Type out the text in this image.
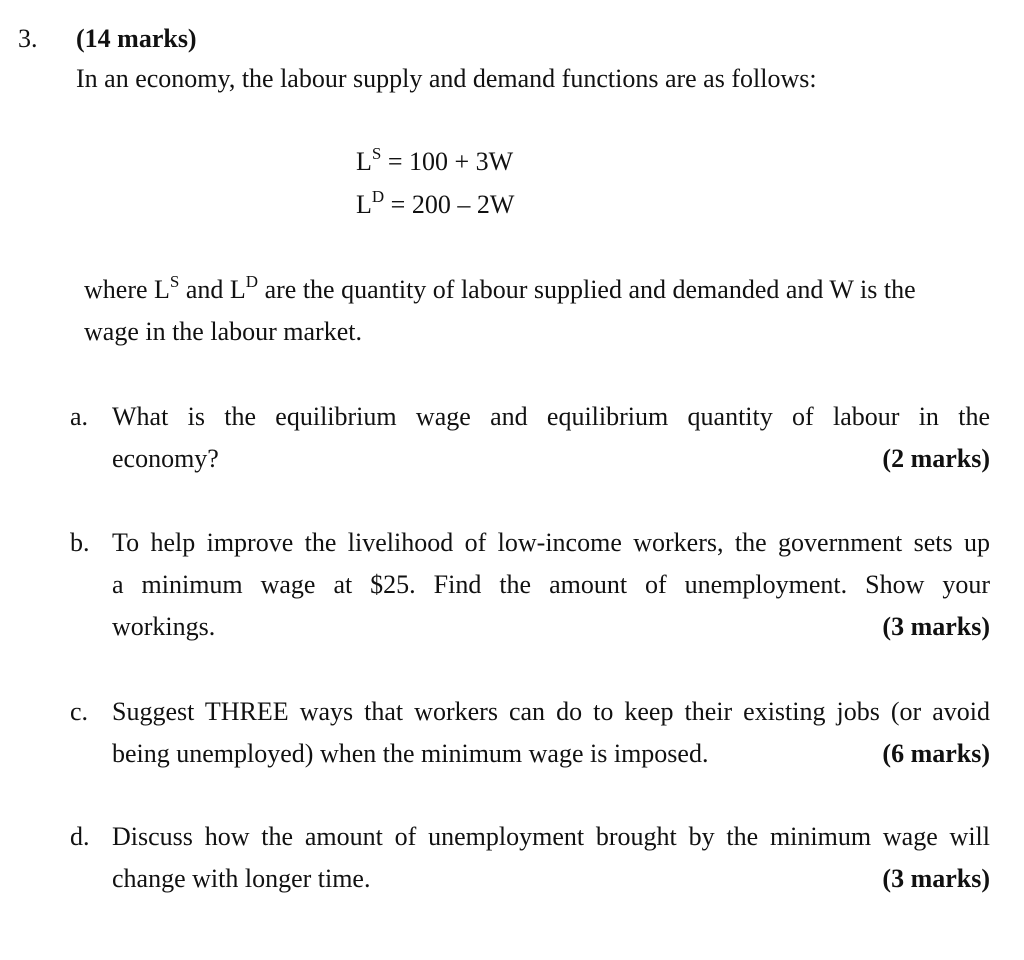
3. (14 marks)
In an economy, the labour supply and demand functions are as follows:
$L^S = 100 + 3W$
$L^D = 200 - 2W$
where $L^S$ and $L^D$ are the quantity of labour supplied and demanded and W is the
wage in the labour market.
a. What is the equilibrium wage and equilibrium quantity of labour in the
economy?	(2 marks)
b. To help improve the livelihood of low-income workers, the government sets up
a minimum wage at $25. Find the amount of unemployment. Show your
workings.	(3 marks)
c. Suggest THREE ways that workers can do to keep their existing jobs (or avoid
being unemployed) when the minimum wage is imposed.	(6 marks)
d. Discuss how the amount of unemployment brought by the minimum wage will
change with longer time.	(3 marks)
